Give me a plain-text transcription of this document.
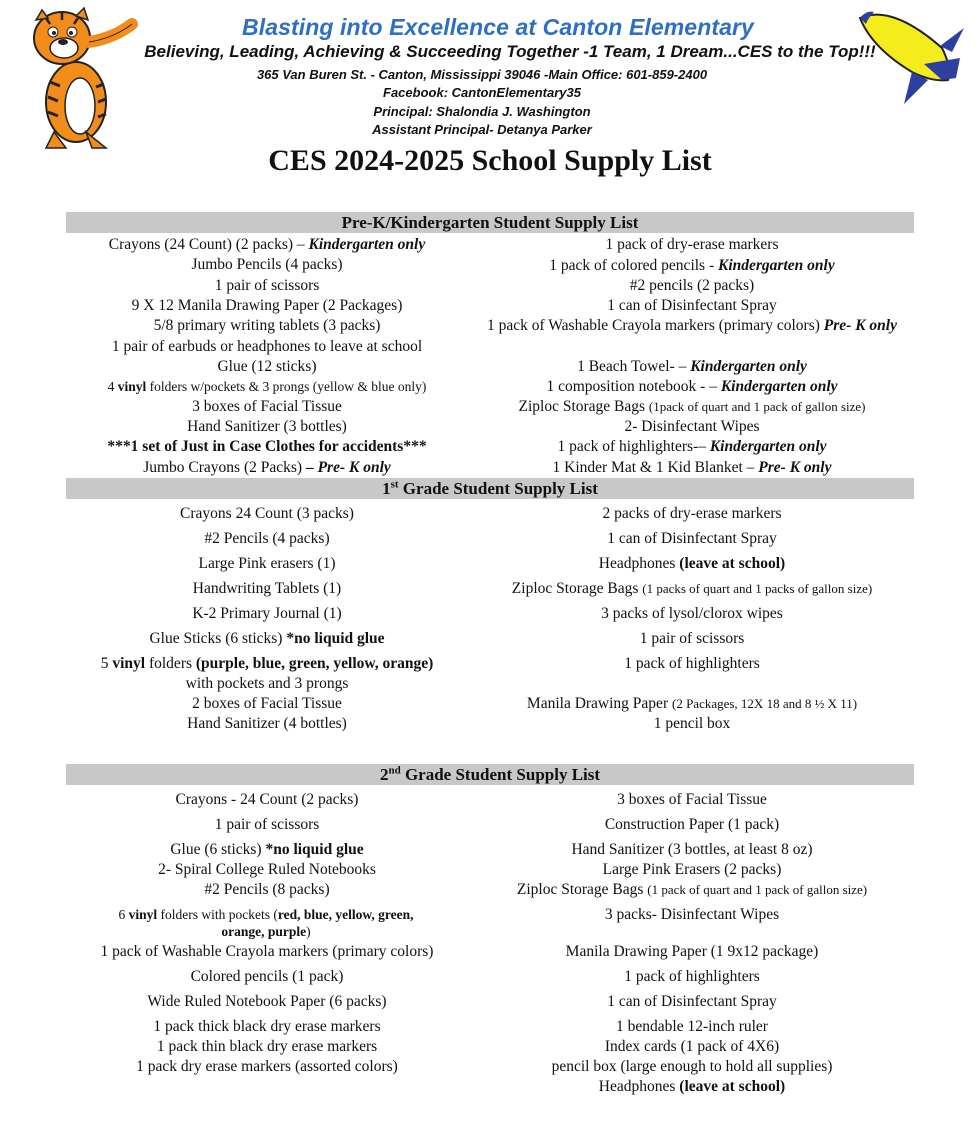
Blasting into Excellence at Canton Elementary
Believing, Leading, Achieving & Succeeding Together -1 Team, 1 Dream...CES to the Top!!!
365 Van Buren St. - Canton, Mississippi 39046 -Main Office: 601-859-2400
Facebook: CantonElementary35
Principal: Shalondia J. Washington
Assistant Principal- Detanya Parker
CES 2024-2025 School Supply List
Pre-K/Kindergarten Student Supply List
Crayons (24 Count) (2 packs) – Kindergarten only
Jumbo Pencils (4 packs)
1 pair of scissors
9 X 12 Manila Drawing Paper (2 Packages)
5/8 primary writing tablets (3 packs)
1 pair of earbuds or headphones to leave at school
Glue (12 sticks)
4 vinyl folders w/pockets & 3 prongs (yellow & blue only)
3 boxes of Facial Tissue
Hand Sanitizer (3 bottles)
***1 set of Just in Case Clothes for accidents***
Jumbo Crayons (2 Packs) – Pre- K only
1 pack of dry-erase markers
1 pack of colored pencils - Kindergarten only
#2 pencils (2 packs)
1 can of Disinfectant Spray
1 pack of Washable Crayola markers (primary colors) Pre- K only
1 Beach Towel- – Kindergarten only
1 composition notebook - – Kindergarten only
Ziploc Storage Bags (1pack of quart and 1 pack of gallon size)
2- Disinfectant Wipes
1 pack of highlighters-– Kindergarten only
1 Kinder Mat & 1 Kid Blanket – Pre- K only
1st Grade Student Supply List
Crayons 24 Count (3 packs)
#2 Pencils (4 packs)
Large Pink erasers (1)
Handwriting Tablets (1)
K-2 Primary Journal (1)
Glue Sticks (6 sticks) *no liquid glue
5 vinyl folders (purple, blue, green, yellow, orange)
with pockets and 3 prongs
2 boxes of Facial Tissue
Hand Sanitizer (4 bottles)
2 packs of dry-erase markers
1 can of Disinfectant Spray
Headphones (leave at school)
Ziploc Storage Bags (1 packs of quart and 1 packs of gallon size)
3 packs of lysol/clorox wipes
1 pair of scissors
1 pack of highlighters
Manila Drawing Paper (2 Packages, 12X 18 and 8 ½ X 11)
1 pencil box
2nd Grade Student Supply List
Crayons - 24 Count (2 packs)
1 pair of scissors
Glue (6 sticks) *no liquid glue
2- Spiral College Ruled Notebooks
#2 Pencils (8 packs)
6 vinyl folders with pockets (red, blue, yellow, green, orange, purple)
1 pack of Washable Crayola markers (primary colors)
Colored pencils (1 pack)
Wide Ruled Notebook Paper (6 packs)
1 pack thick black dry erase markers
1 pack thin black dry erase markers
1 pack dry erase markers (assorted colors)
3 boxes of Facial Tissue
Construction Paper (1 pack)
Hand Sanitizer (3 bottles, at least 8 oz)
Large Pink Erasers (2 packs)
Ziploc Storage Bags (1 pack of quart and 1 pack of gallon size)
3 packs- Disinfectant Wipes
Manila Drawing Paper (1 9x12 package)
1 pack of highlighters
1 can of Disinfectant Spray
1 bendable 12-inch ruler
Index cards (1 pack of 4X6)
pencil box (large enough to hold all supplies)
Headphones (leave at school)
